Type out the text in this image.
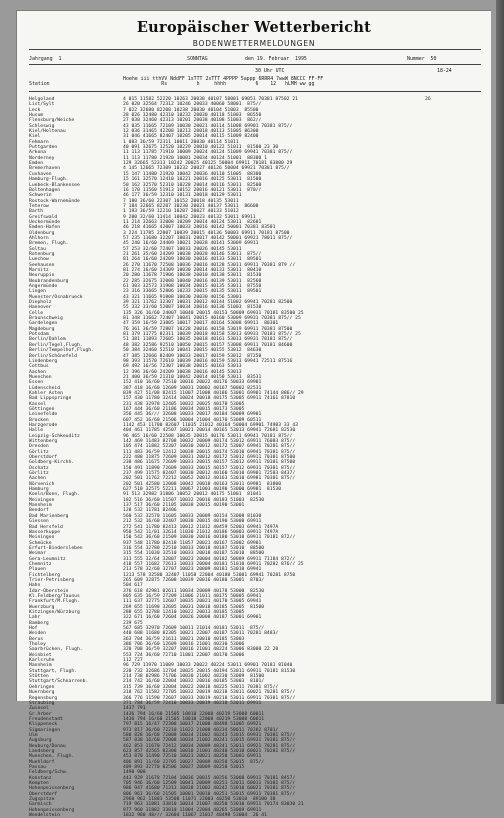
Europäischer Wetterbericht
BODENWETTERMELDUNGEN
Jahrgang  1	SONNTAG	den 19. Februar  1995	Nummer  50
30 Uhr UTC	18-24
Hoehe iii tthVV NddFF 1sTTT 2sTTT 4PPPP 5appp 6RRR4 7wwW 8NCCC FF-FF
Station	Rs          h     hhhh          6    12   hLMH ww gg
Helgoland	4 015 11582 52220 10263 20038 40107 58001 69051 70381 87502 21	26
List/Sylt	26 020 32564 72312 10246 20033 40060 58001  875//
Leck	7 022 32680 82208 10238 20030 40104 51003  85500
Husum	28 026 32480 42310 10232 20030 40118 51003  86550
Flensburg/Weiche	27 030 32460 42313 10201 20038 40108 51003  862//
Schleswig	43 035 11665 72109 10030 20021 40114 51008 69901 70381 875//
Kiel/Holtenau	12 036 31465 42208 10213 20018 40113 51005 86300
Kiel	31 046 41665 82407 10205 20014 40115 51009 82400
Fehmarn	1 083 36/59 72311 10011 20030 40114 51011
Puttgarden	40 091 32675 12520 10229 20010 40122 51011  81500 23 30
Arkona	11 113 11785 71910 10009 20024 40124 51009 69941 70381 875//
Norderney	11 113 11780 21920 10001 20034 40124 51001  88300 1
Emden	129 32665 52313 10242 20025 40125 50004 69911 70181 83800 29
Bremerhaven	4 145 12665 72309 10232 20027 40126 50004 69921 70381 875//
Cuxhaven	15 147 11480 21920 10042 20036 40110 51005  88300
Hamburg-Flugh.	15 161 32570 12410 10221 20016 40125 53011  81500
Luebeck-Blankensee	50 162 32570 52310 10228 20014 40116 53011  82500
Boltenhagen	16 170 11560 51913 10152 20016 40121 53011  870//
Schwerin	46 177 36/59 12310 10131 20018 40129 53011
Rostock-Warnemünde	7 180 36/60 22307 10152 20018 40135 53011
Teterow	7 184 32665 82207 10230 20021 40137 53011  86600
Barth	1 193 36/59 12210 10207 20027 40133 51012
Greifswald	9 200 32/60 11414 10042 20023 40132 53011 69911
Ueckermünde	11 214 32663 32008 10209 20014 40124 53011  82601
Emden-Hafen	46 218 41665 42007 10033 20016 40142 50001 70381 83501
Oldenburg	3 224 11785 22007 10039 20015 40136 50003 69911 70181 87500
Ahlhorn	57 235 11680 32207 10031 20017 40142 50001 69921 78011 875//
Bremen, Flugh.	45 240 16/60 24409 10021 20028 40141 53009 69911
Soltau	57 253 32/60 72407 10033 20026 40145 53011
Rotenburg	21 261 35/60 24209 10038 20028 40146 53011  875//
Luechow	81 264 16/60 24209 10030 20016 40133 53011  89501
Seehausen	26 270 11670 72508 10036 20016 40128 53011 69911 70381 879 //
Marnitz	81 274 16/60 24309 10030 20014 40133 53011  80410
Neuruppin	20 280 11678 71906 10038 20010 40138 53011  81530
Neubrandenburg	22 285 32675 32008 10040 20016 40139 53011  82560
Angermünde	61 303 32573 31908 10034 20015 40135 53011  87550
Lingen	23 316 33665 52806 10233 20015 40135 53011  89501
Muenster/Osnabrueck	43 321 11665 91808 10030 20030 40156 53001
Diepholz	39 321 11762 32307 10031 20012 40144 51002 69941 70281 82500
Hannover	55 332 33/60 52007 10034 20016 40136 51003  81530
Celle	135 326 16/60 24007 10040 20015 40153 50009 69931 70181 83500 25
Braunschweig	81 348 11662 72407 10041 20015 40160 53009 69931 70381 875// 25
Gardelegen	47 359 16/59 23805 10017 20017 40164 53008 69911  80301
Magdeburg	76 361 36/59 72807 10228 20016 40158 53019 69911 70381 87500
Potsdam	81 379 11775 82311 10039 20018 40158 53013 69931 70181 875// 25
Berlin/Dahlem	51 381 11893 72605 10035 20018 40161 53013 69931 70181 875//
Berlin/Tegel,Flugh.	48 382 32586 92510 10050 20015 40157 53008 69911 70181 84600
Berlin/Tempelhof,Flugh.	50 384 32460 52510 10041 20015 40155 53012  84630
Berlin/Schönefeld	47 385 12666 82409 10033 20017 40159 53012  87250
Lindenberg	98 393 11570 72610 10039 20016 40159 53013 69941 72511 87516
Cottbus	69 492 16/56 72307 10038 20015 40163 53013
Aachen	12 396 36/60 24209 10038 20016 40145 53013
Muenchen	21 400 36/59 21310 10042 20014 40150 53011  83531
Essen	152 410 16/60 72510 10016 20022 40176 50033 69901
Lüdenscheid	387 418 16/60 12609 10031 20002 40167 50002 82531
Kahler Asten	839 427 51/08 82415 11007 21008 40186 53001 69901 74144 886// 29
Bad Lippspringe	157 430 11780 32414 10024 20018 40175 53005 69911 74161 87810
Kassel	231 438 32978 12405 10032 20025 40178 53005
Göttingen	167 444 36/60 21106 10034 20015 40173 53005
Leinefelde	356 445 36/// 32608 10033 20017 40184 50009 69901
Brocken	607 452 16/60 21506 10004 21004 40170 53009 60511
Harzgerode	1142 453 11780 82607 11035 21012 40164 50004 69901 74983 33 43
Halle	404 461 11785 42507 10021 20014 40165 53013 69941 72681 82530
Leipzig-Schkeuditz	96 465 16/60 22508 10035 20015 40176 53011 69941 70181 875//
Wittenberg	142 469 11483 82708 10032 20009 40174 53012 69911 76083 875//
Dresden	105 474 11882 52307 10030 20012 40172 53007 69941 70281 875//
Görlitz	111 483 36/59 12412 10038 20015 40174 53010 69941 70381 875//
Oberstdorf	222 488 11875 72609 10031 20012 40172 53012 69911 70381 87500
Goldberg-Kirchh.	238 486 11675 72609 10033 20015 40157 53012 69911 70381 87500
Oschatz	150 491 11890 72609 10033 20015 40157 53012 69931 70381 875//
Görlitz	237 499 11575 82407 10030 20012 40160 53010 69901 72583 8437/
Aachen	202 501 11762 72212 10052 20012 40163 53010 69981 70381 875//
Nörvenich	202 501 42580 12008 10042 20018 40163 53011 69981  83800
Hamburg	627 510 32575 52211 10067 21003 40190 53000 69981  81530
Koeln/Bonn, Flugh.	91 513 32982 31806 10052 20012 40175 51001  81041
Meiningen	182 516 36/60 11507 10032 20016 40183 51003  82530
Mannheim	137 517 36/60 21105 10038 20015 40190 53001
Bendorf	128 532 11781 82406
Bad Marienberg	560 532 32570 11605 10033 20009 40154 53008 81030
Giessen	212 532 16/60 32407 10038 20015 40190 53008 69911
Bad Hersfeld	272 541 11780 82413 10012 21012 40459 52003 69941 7497A
Wasserkuppe	950 542 11/01 32614 11030 21012 40186 50003 69911 7497A
Meiningen	150 542 36/60 21509 10030 20016 40180 53010 69911 70181 872//
Schmücke	937 548 11780 82418 11057 20021 40167 53002 69901
Erfurt-Bindersleben	316 554 32780 22510 10033 20018 40187 53010  88500
Weimar	315 554 11030 32510 10033 20018 40187 53010  88500
Gera-Leumnitz	311 555 32/64 32007 10023 20004 40182 50009 69911 71184 872//
Chemnitz	418 557 11682 72613 10033 20004 40181 51010 69911 70282 876// 25
Plauen	213 578 32/60 32707 10023 20009 40181 53010 69941
Fichtelberg	1213 578 32580 32407 11058 22004 40188 53001 69941 70281 8750
Trier-Petrisberg	265 609 32875 72608 10039 20016 40180 53001  8703/
Hahn	504 617
Idar-Oberstein	376 618 42981 02611 10034 20009 40178 53000  82530
Kl.Feldberg/Taunus	805 635 16/59 27209 11006 21011 40175 50005 69941
Frankfurt/M.Flugh.	111 637 32775 12607 10035 20021 40170 53005 69941
Wuerzburg	269 655 11690 32605 10031 20018 40185 53005  81500
Kitzingen/Würzburg	288 655 32788 12410 10022 20013 40185 53005
Lahr	322 671 16/60 72604 10026 20008 40187 53001 69901
Bamberg	239 675
Hof	567 685 32970 72609 10011 21014 40181 53011  875//
Weiden	440 688 11680 82305 10021 22007 40187 53011 70281 8483/
Berus	363 704 36/59 21611 10021 20010 40185 53003
Tholey	386 706 36/60 12609 10016 21001 40230 53006
Saarbrücken, Flugh.	320 708 36/59 32207 10016 21001 40224 53006 83000 22 28
Weinbiet	553 724 36/60 72710 11001 22007 40170 53006
Karlsruhe	112 727
Mannheim	96 729 11970 11009 10033 20022 40224 53011 69901 70181 81040
Stuttgart, Flugh.	220 732 32686 12704 10025 20015 40194 53011 69911 70181 81530
Stötten	214 738 02986 71706 10030 21002 40230 53009  81500
Stuttgart/Schnarrenb.	214 742 16/60 22004 10032 20016 40185 53003  8101/
Oehringen	315 739 16/60 32004 10022 20018 40225 53011 70381 875//
Nuernberg	318 762 11582 72705 10032 20019 40218 53011 60021 70281 875//
Regensburg	366 776 11590 72607 10033 20019 40218 53011 69911 70381 875//
Straubing	371 784 36/59 72410 10033 20019 40218 53011 69911
Zwiesel	1437 791
Gr.Arber	1436 794 16/60 21505 10010 22000 40219 53008 60011
Freudenstadt	1436 794 16/60 21505 10010 22000 40219 53008 60011
Klippeneck	797 815 16/47 72308 10017 21008 48498 51005 69921
Sigmaringen	973 817 36/60 72210 11022 21008 40234 50011 70282 8701/
Ulm	580 828 16/60 72008 10034 21002 40243 53015 69931 70381 875//
Augsburg	587 838 16/60 72008 10034 21002 40241 53015 69931 70381 875//
Neuburg/Donau	462 853 11670 72412 10034 20009 40241 53011 69921 70281 875//
Landsberg	623 857 42565 82308 10010 21001 40240 53010 60021 70281 875//
Muenchen, Flugh.	453 870 11490 72510 10023 20021 40250 53001 69911
Muehldorf	406 891 11/60 22705 10027 20009 40250 53015  875//
Passau	409 893 32770 82506 10027 20009 40250 53015
Feldberg/Schw.	1490 908
Konstanz	443 929 11678 72104 10036 20015 40256 53008 69911 70181 8457/
Kempten	705 946 16/60 12509 10041 20009 40251 53011 60011 70381 875//
Hohenpeissenberg	986 947 41680 71313 10038 21002 40242 53010 60021 70381 875//
Oberstdorf	806 961 36/60 21505 10001 20010 40251 53015 69911 70381 875//
Zugspitze	2960 962 11881 53508 11071 22003 40250 53010  89100 30
Garmisch	719 963 11881 33810 10014 21007 40250 53010 69911 70174 83030 21
Hohenpeissenberg	977 960 11882 33810 11004 22004 40265 53009 69911
Wendelstein	1832 980 48/// 32604 11067 21017 48498 53004  26 41
